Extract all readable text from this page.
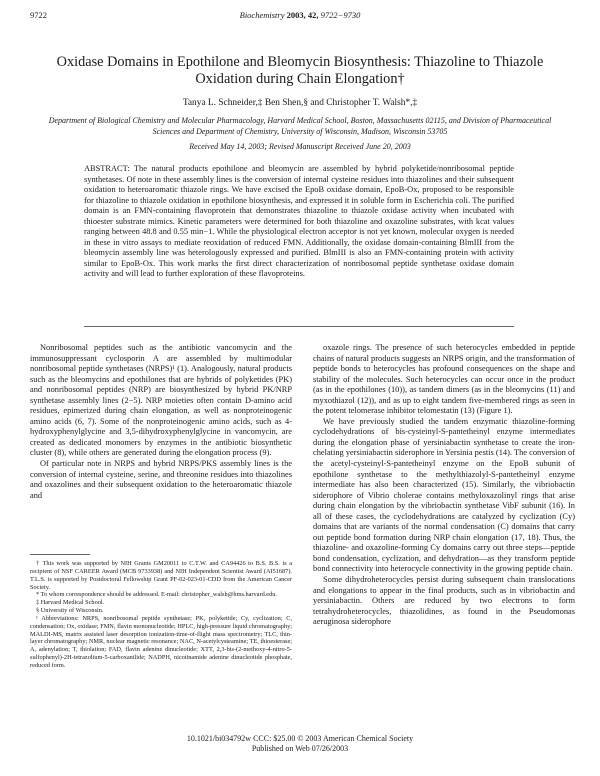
9722	Biochemistry 2003, 42, 9722−9730
Oxidase Domains in Epothilone and Bleomycin Biosynthesis: Thiazoline to Thiazole Oxidation during Chain Elongation†
Tanya L. Schneider,‡ Ben Shen,§ and Christopher T. Walsh*,‡
Department of Biological Chemistry and Molecular Pharmacology, Harvard Medical School, Boston, Massachusetts 02115, and Division of Pharmaceutical Sciences and Department of Chemistry, University of Wisconsin, Madison, Wisconsin 53705
Received May 14, 2003; Revised Manuscript Received June 20, 2003
ABSTRACT: The natural products epothilone and bleomycin are assembled by hybrid polyketide/nonribosomal peptide synthetases. Of note in these assembly lines is the conversion of internal cysteine residues into thiazolines and their subsequent oxidation to heteroaromatic thiazole rings. We have excised the EpoB oxidase domain, EpoB-Ox, proposed to be responsible for thiazoline to thiazole oxidation in epothilone biosynthesis, and expressed it in soluble form in Escherichia coli. The purified domain is an FMN-containing flavoprotein that demonstrates thiazoline to thiazole oxidase activity when incubated with thioester substrate mimics. Kinetic parameters were determined for both thiazoline and oxazoline substrates, with kcat values ranging between 48.8 and 0.55 min−1. While the physiological electron acceptor is not yet known, molecular oxygen is needed in these in vitro assays to mediate reoxidation of reduced FMN. Additionally, the oxidase domain-containing BlmIII from the bleomycin assembly line was heterologously expressed and purified. BlmIII is also an FMN-containing protein with activity similar to EpoB-Ox. This work marks the first direct characterization of nonribosomal peptide synthetase oxidase domain activity and will lead to further exploration of these flavoproteins.

Nonribosomal peptides such as the antibiotic vancomycin and the immunosuppressant cyclosporin A are assembled by multimodular nonribosomal peptide synthetases (NRPS)¹ (1). Analogously, natural products such as the bleomycins and epothilones that are hybrids of polyketides (PK) and nonribosomal peptides (NRP) are biosynthesized by hybrid PK/NRP synthetase assembly lines (2−5). NRP moieties often contain D-amino acid residues, epimerized during chain elongation, as well as nonproteinogenic amino acids (6, 7). Some of the nonproteinogenic amino acids, such as 4-hydroxyphenylglycine and 3,5-dihydroxyphenylglycine in vancomycin, are created as dedicated monomers by enzymes in the antibiotic biosynthetic cluster (8), while others are generated during the elongation process (9).

Of particular note in NRPS and hybrid NRPS/PKS assembly lines is the conversion of internal cysteine, serine, and threonine residues into thiazolines and oxazolines and their subsequent oxidation to the heteroaromatic thiazole and

oxazole rings. The presence of such heterocycles embedded in peptide chains of natural products suggests an NRPS origin, and the transformation of peptide bonds to heterocycles has profound consequences on the shape and stability of the molecules. Such heterocycles can occur once in the product (as in the epothilones (10)), as tandem dimers (as in the bleomycins (11) and myxothiazol (12)), and as up to eight tandem five-membered rings as seen in the potent telomerase inhibitor telomestatin (13) (Figure 1).

We have previously studied the tandem enzymatic thiazoline-forming cyclodehydrations of bis-cysteinyl-S-pantetheinyl enzyme intermediates during the elongation phase of yersiniabactin synthetase to create the iron-chelating yersiniabactin siderophore in Yersinia pestis (14). The conversion of the acetyl-cysteinyl-S-pantetheinyl enzyme on the EpoB subunit of epothilone synthetase to the methylthiazolyl-S-pantetheinyl enzyme intermediate has also been characterized (15). Similarly, the vibriobactin siderophore of Vibrio cholerae contains methyloxazolinyl rings that arise during chain elongation by the vibriobactin synthetase VibF subunit (16). In all of these cases, the cyclodehydrations are catalyzed by cyclization (Cy) domains that are variants of the normal condensation (C) domains that carry out peptide bond formation during NRP chain elongation (17, 18). Thus, the thiazoline- and oxazoline-forming Cy domains carry out three steps—peptide bond condensation, cyclization, and dehydration—as they transform peptide bond connectivity into heterocycle connectivity in the growing peptide chain.

Some dihydroheterocycles persist during subsequent chain translocations and elongations to appear in the final products, such as in vibriobactin and yersiniabactin. Others are reduced by two electrons to form tetrahydroheterocycles, thiazolidines, as found in the Pseudomonas aeruginosa siderophore

† This work was supported by NIH Grants GM20011 to C.T.W. and CA94426 to B.S. B.S. is a recipient of NSF CAREER Award (MCB 9733938) and NIH Independent Scientist Award (AI51687). T.L.S. is supported by Postdoctoral Fellowship Grant PF-02-023-01-CDD from the American Cancer Society.

* To whom correspondence should be addressed. E-mail: christopher_walsh@hms.harvard.edu.

‡ Harvard Medical School.

§ University of Wisconsin.

¹ Abbreviations: NRPS, nonribosomal peptide synthetase; PK, polyketide; Cy, cyclization; C, condensation; Ox, oxidase; FMN, flavin mononucleotide; HPLC, high-pressure liquid chromatography; MALDI-MS, matrix assisted laser desorption ionization-time-of-flight mass spectrometry; TLC, thin-layer chromatography; NMR, nuclear magnetic resonance; NAC, N-acetylcysteamine; TE, thioesterase; A, adenylation; T, thiolation; FAD, flavin adenine dinucleotide; XTT, 2,3-bis-(2-methoxy-4-nitro-5-sulfophenyl)-2H-tetrazolium-5-carboxanilide; NADPH, nicotinamide adenine dinucleotide phosphate, reduced form.

10.1021/bi034792w CCC: $25.00 © 2003 American Chemical Society
Published on Web 07/26/2003
